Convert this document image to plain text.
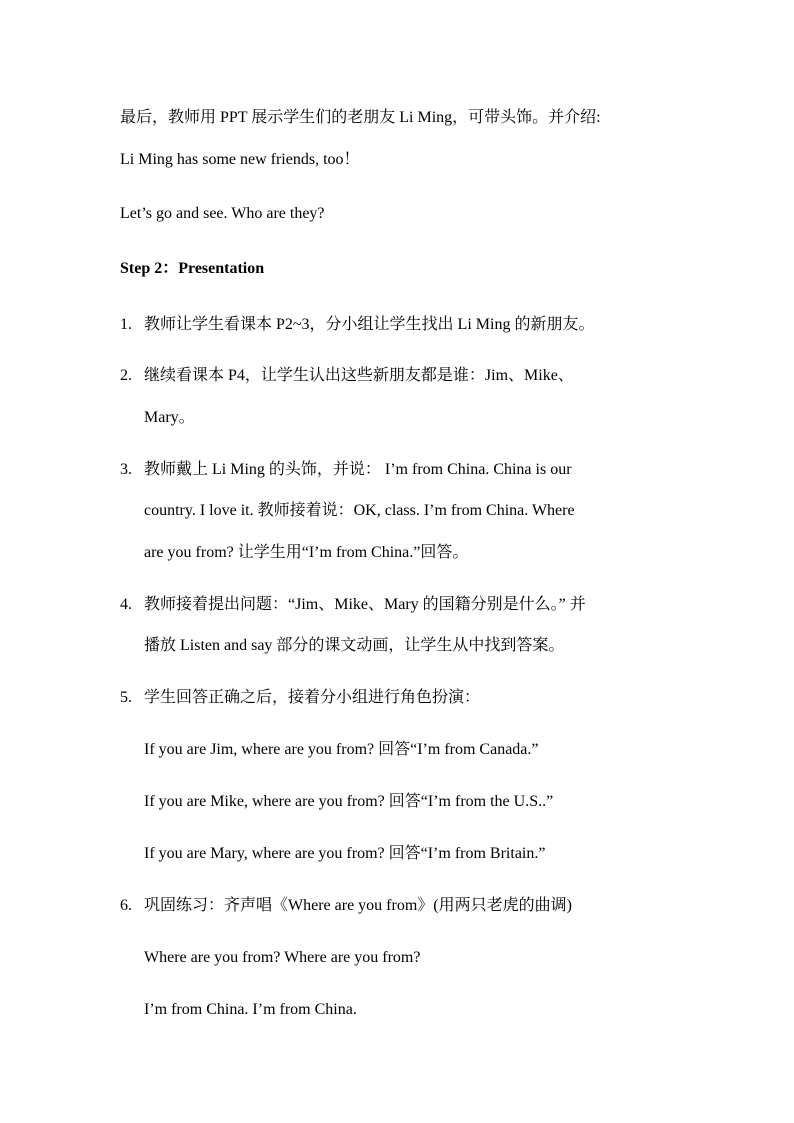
最后，教师用 PPT 展示学生们的老朋友 Li Ming，可带头饰。并介绍:
Li Ming has some new friends, too！
Let’s go and see. Who are they?
Step 2：Presentation
1. 教师让学生看课本 P2~3，分小组让学生找出 Li Ming 的新朋友。
2. 继续看课本 P4，让学生认出这些新朋友都是谁：Jim、Mike、
Mary。
3. 教师戴上 Li Ming 的头饰，并说： I’m from China. China is our
country. I love it. 教师接着说：OK, class. I’m from China. Where
are you from? 让学生用“I’m from China.”回答。
4. 教师接着提出问题：“Jim、Mike、Mary 的国籍分别是什么。” 并
播放 Listen and say 部分的课文动画，让学生从中找到答案。
5. 学生回答正确之后，接着分小组进行角色扮演：
If you are Jim, where are you from? 回答“I’m from Canada.”
If you are Mike, where are you from? 回答“I’m from the U.S..”
If you are Mary, where are you from? 回答“I’m from Britain.”
6. 巩固练习：齐声唱《Where are you from》(用两只老虎的曲调)
Where are you from? Where are you from?
I’m from China. I’m from China.
